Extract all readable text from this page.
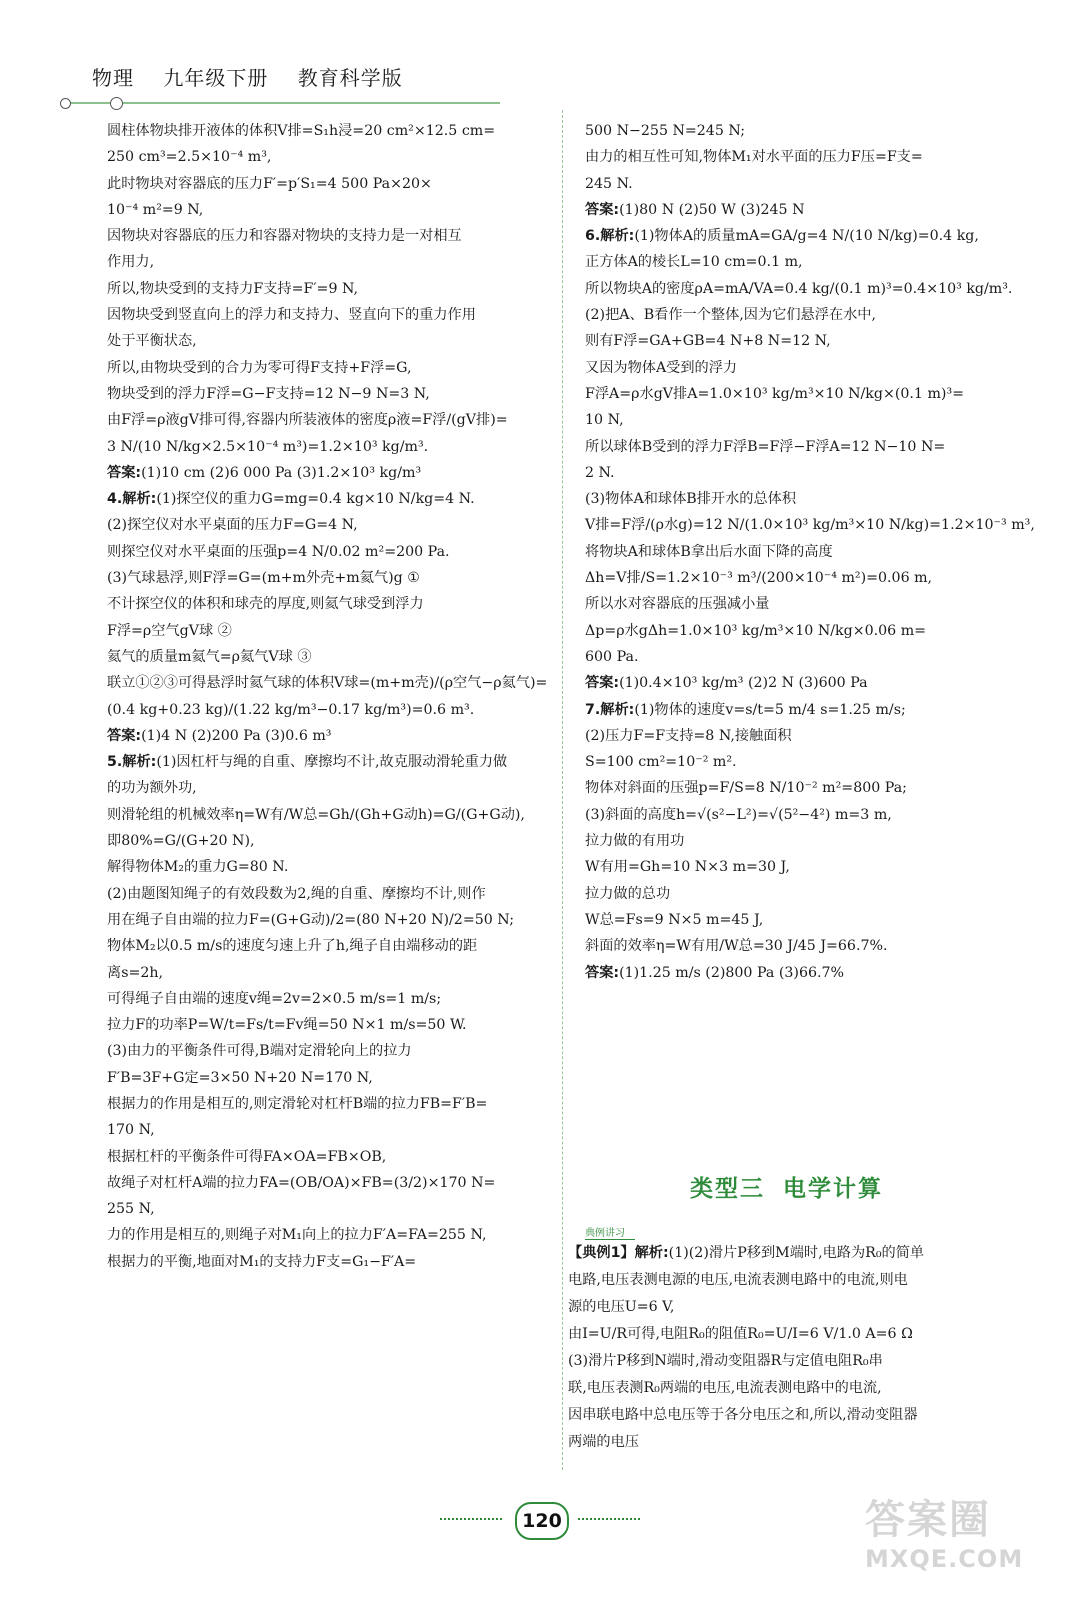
物理 九年级下册 教育科学版

圆柱体物块排开液体的体积V排=S₁h浸=20 cm²×12.5 cm=

250 cm³=2.5×10⁻⁴ m³,

此时物块对容器底的压力F′=p′S₁=4 500 Pa×20×

10⁻⁴ m²=9 N,

因物块对容器底的压力和容器对物块的支持力是一对相互

作用力,

所以,物块受到的支持力F支持=F′=9 N,

因物块受到竖直向上的浮力和支持力、竖直向下的重力作用

处于平衡状态,

所以,由物块受到的合力为零可得F支持+F浮=G,

物块受到的浮力F浮=G−F支持=12 N−9 N=3 N,

由F浮=ρ液gV排可得,容器内所装液体的密度ρ液=F浮/(gV排)=

3 N/(10 N/kg×2.5×10⁻⁴ m³)=1.2×10³ kg/m³.

答案:(1)10 cm (2)6 000 Pa (3)1.2×10³ kg/m³

4.解析:(1)探空仪的重力G=mg=0.4 kg×10 N/kg=4 N.

(2)探空仪对水平桌面的压力F=G=4 N,

则探空仪对水平桌面的压强p=4 N/0.02 m²=200 Pa.

(3)气球悬浮,则F浮=G=(m+m外壳+m氦气)g ①

不计探空仪的体积和球壳的厚度,则氦气球受到浮力

F浮=ρ空气gV球 ②

氦气的质量m氦气=ρ氦气V球 ③

联立①②③可得悬浮时氦气球的体积V球=(m+m壳)/(ρ空气−ρ氦气)=

(0.4 kg+0.23 kg)/(1.22 kg/m³−0.17 kg/m³)=0.6 m³.

答案:(1)4 N (2)200 Pa (3)0.6 m³

5.解析:(1)因杠杆与绳的自重、摩擦均不计,故克服动滑轮重力做

的功为额外功,

则滑轮组的机械效率η=W有/W总=Gh/(Gh+G动h)=G/(G+G动),

即80%=G/(G+20 N),

解得物体M₂的重力G=80 N.

(2)由题图知绳子的有效段数为2,绳的自重、摩擦均不计,则作

用在绳子自由端的拉力F=(G+G动)/2=(80 N+20 N)/2=50 N;

物体M₂以0.5 m/s的速度匀速上升了h,绳子自由端移动的距

离s=2h,

可得绳子自由端的速度v绳=2v=2×0.5 m/s=1 m/s;

拉力F的功率P=W/t=Fs/t=Fv绳=50 N×1 m/s=50 W.

(3)由力的平衡条件可得,B端对定滑轮向上的拉力

F′B=3F+G定=3×50 N+20 N=170 N,

根据力的作用是相互的,则定滑轮对杠杆B端的拉力FB=F′B=

170 N,

根据杠杆的平衡条件可得FA×OA=FB×OB,

故绳子对杠杆A端的拉力FA=(OB/OA)×FB=(3/2)×170 N=

255 N,

力的作用是相互的,则绳子对M₁向上的拉力F′A=FA=255 N,

根据力的平衡,地面对M₁的支持力F支=G₁−F′A=

500 N−255 N=245 N;

由力的相互性可知,物体M₁对水平面的压力F压=F支=

245 N.

答案:(1)80 N (2)50 W (3)245 N

6.解析:(1)物体A的质量mA=GA/g=4 N/(10 N/kg)=0.4 kg,

正方体A的棱长L=10 cm=0.1 m,

所以物块A的密度ρA=mA/VA=0.4 kg/(0.1 m)³=0.4×10³ kg/m³.

(2)把A、B看作一个整体,因为它们悬浮在水中,

则有F浮=GA+GB=4 N+8 N=12 N,

又因为物体A受到的浮力

F浮A=ρ水gV排A=1.0×10³ kg/m³×10 N/kg×(0.1 m)³=

10 N,

所以球体B受到的浮力F浮B=F浮−F浮A=12 N−10 N=

2 N.

(3)物体A和球体B排开水的总体积

V排=F浮/(ρ水g)=12 N/(1.0×10³ kg/m³×10 N/kg)=1.2×10⁻³ m³,

将物块A和球体B拿出后水面下降的高度

Δh=V排/S=1.2×10⁻³ m³/(200×10⁻⁴ m²)=0.06 m,

所以水对容器底的压强减小量

Δp=ρ水gΔh=1.0×10³ kg/m³×10 N/kg×0.06 m=

600 Pa.

答案:(1)0.4×10³ kg/m³ (2)2 N (3)600 Pa

7.解析:(1)物体的速度v=s/t=5 m/4 s=1.25 m/s;

(2)压力F=F支持=8 N,接触面积

S=100 cm²=10⁻² m².

物体对斜面的压强p=F/S=8 N/10⁻² m²=800 Pa;

(3)斜面的高度h=√(s²−L²)=√(5²−4²) m=3 m,

拉力做的有用功

W有用=Gh=10 N×3 m=30 J,

拉力做的总功

W总=Fs=9 N×5 m=45 J,

斜面的效率η=W有用/W总=30 J/45 J=66.7%.

答案:(1)1.25 m/s (2)800 Pa (3)66.7%

类型三 电学计算
典例讲习

【典例1】解析:(1)(2)滑片P移到M端时,电路为R₀的简单

电路,电压表测电源的电压,电流表测电路中的电流,则电

源的电压U=6 V,

由I=U/R可得,电阻R₀的阻值R₀=U/I=6 V/1.0 A=6 Ω

(3)滑片P移到N端时,滑动变阻器R与定值电阻R₀串

联,电压表测R₀两端的电压,电流表测电路中的电流,

因串联电路中总电压等于各分电压之和,所以,滑动变阻器

两端的电压

120	答案圈
MXQE.COM
